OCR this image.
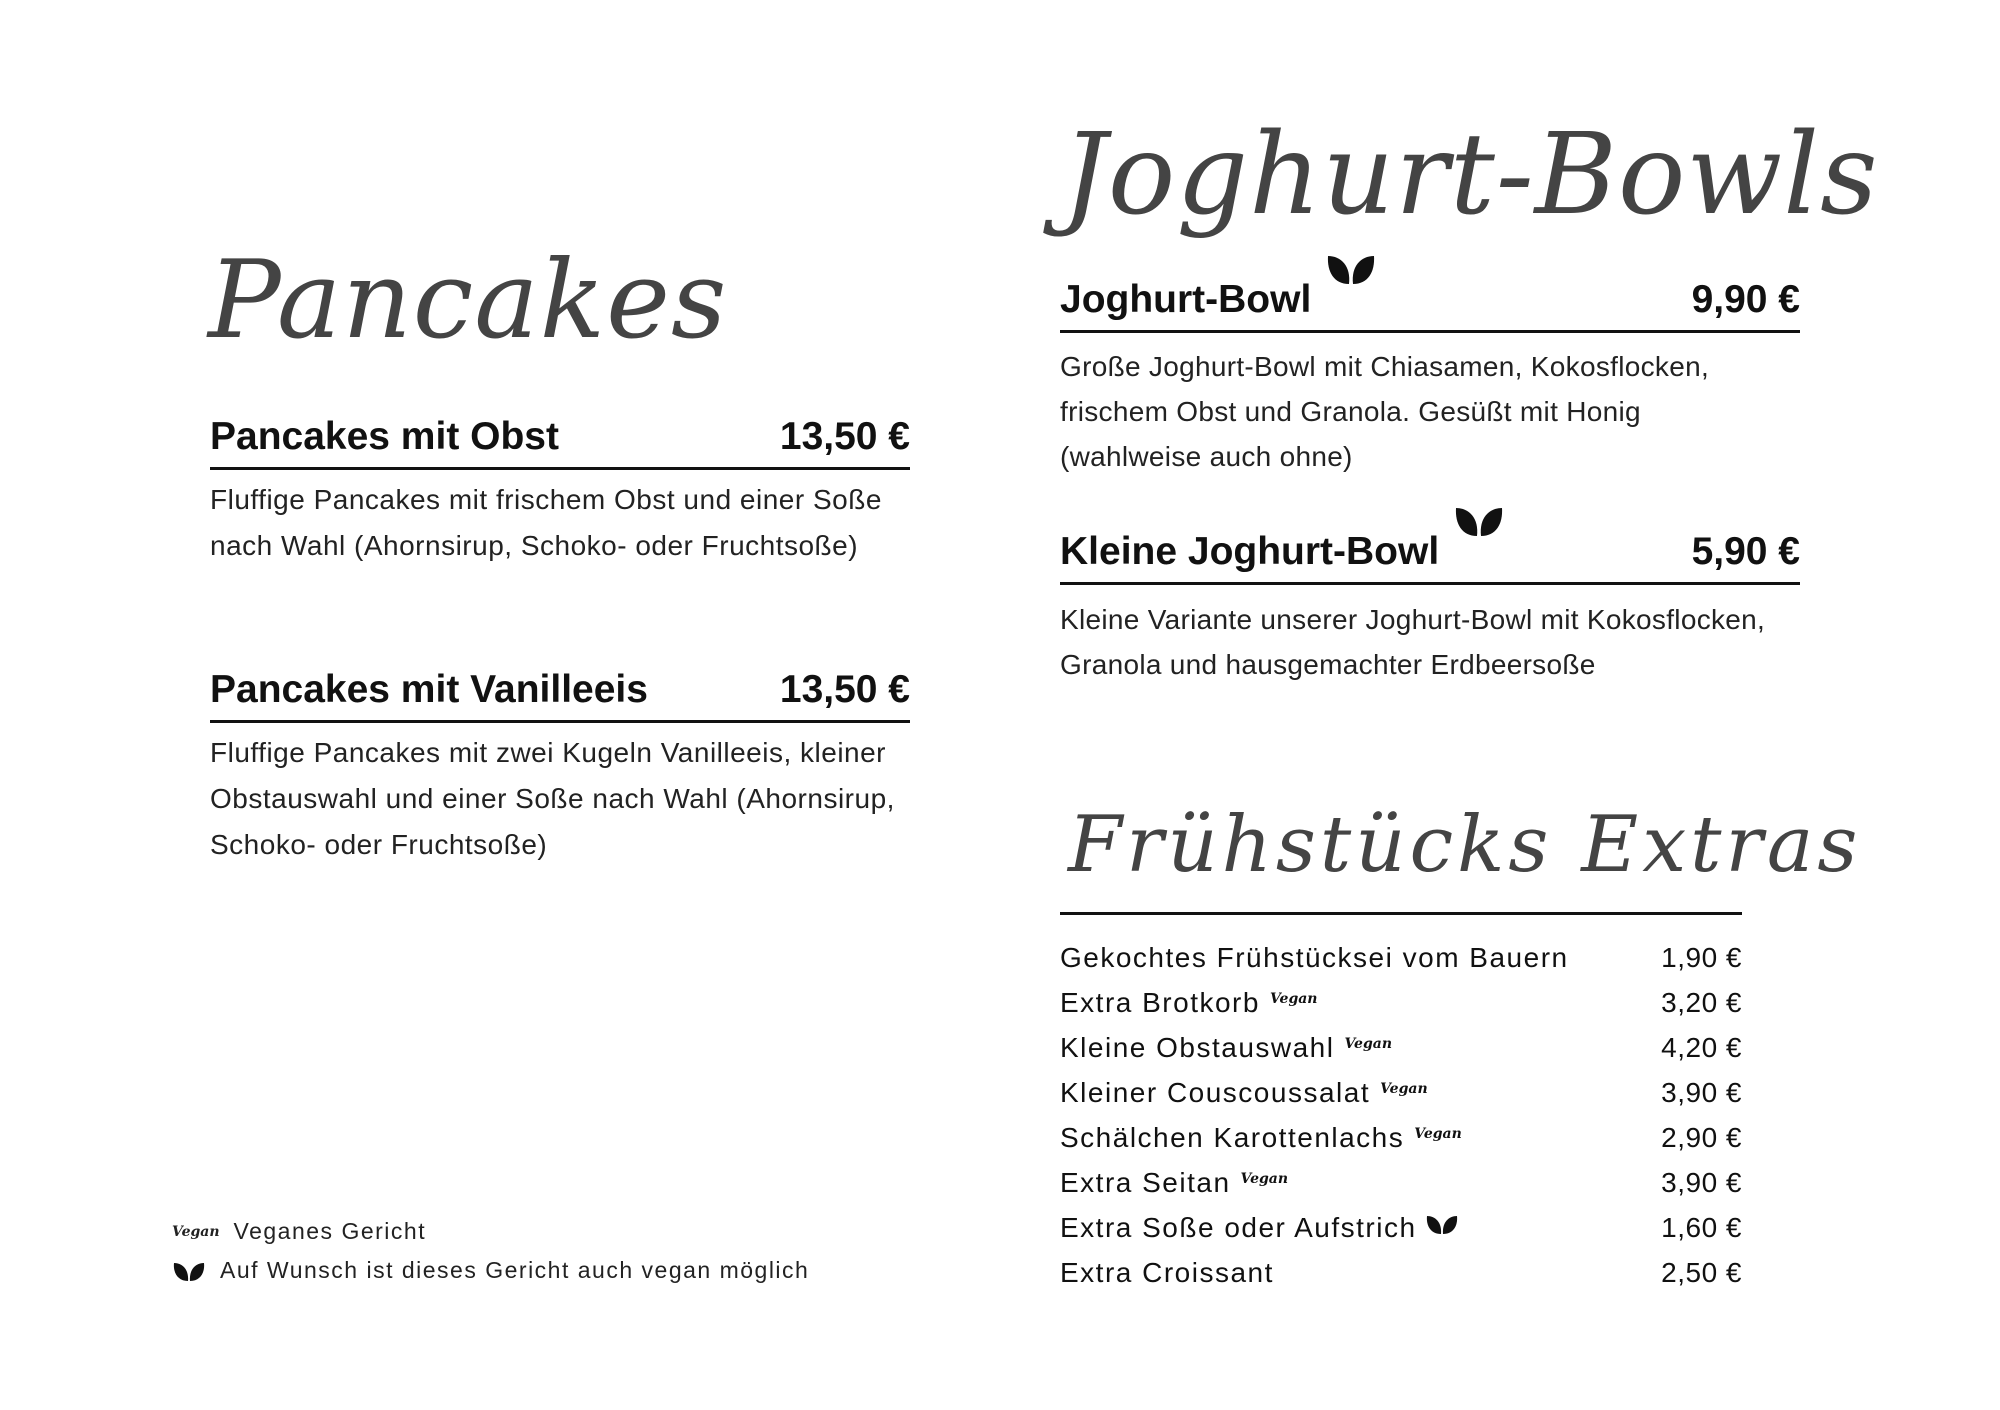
Pancakes
Pancakes mit Obst	13,50 €
Fluffige Pancakes mit frischem Obst und einer Soße nach Wahl (Ahornsirup, Schoko- oder Fruchtsoße)
Pancakes mit Vanilleeis	13,50 €
Fluffige Pancakes mit zwei Kugeln Vanilleeis, kleiner Obstauswahl und einer Soße nach Wahl (Ahornsirup, Schoko- oder Fruchtsoße)
Vegan Veganes Gericht
Auf Wunsch ist dieses Gericht auch vegan möglich
Joghurt-Bowls
Joghurt-Bowl	9,90 €
Große Joghurt-Bowl mit Chiasamen, Kokosflocken, frischem Obst und Granola. Gesüßt mit Honig (wahlweise auch ohne)
Kleine Joghurt-Bowl	5,90 €
Kleine Variante unserer Joghurt-Bowl mit Kokosflocken, Granola und hausgemachter Erdbeersoße
Frühstücks Extras
Gekochtes Frühstücksei vom Bauern	1,90 €
Extra Brotkorb Vegan	3,20 €
Kleine Obstauswahl Vegan	4,20 €
Kleiner Couscoussalat Vegan	3,90 €
Schälchen Karottenlachs Vegan	2,90 €
Extra Seitan Vegan	3,90 €
Extra Soße oder Aufstrich	1,60 €
Extra Croissant	2,50 €
